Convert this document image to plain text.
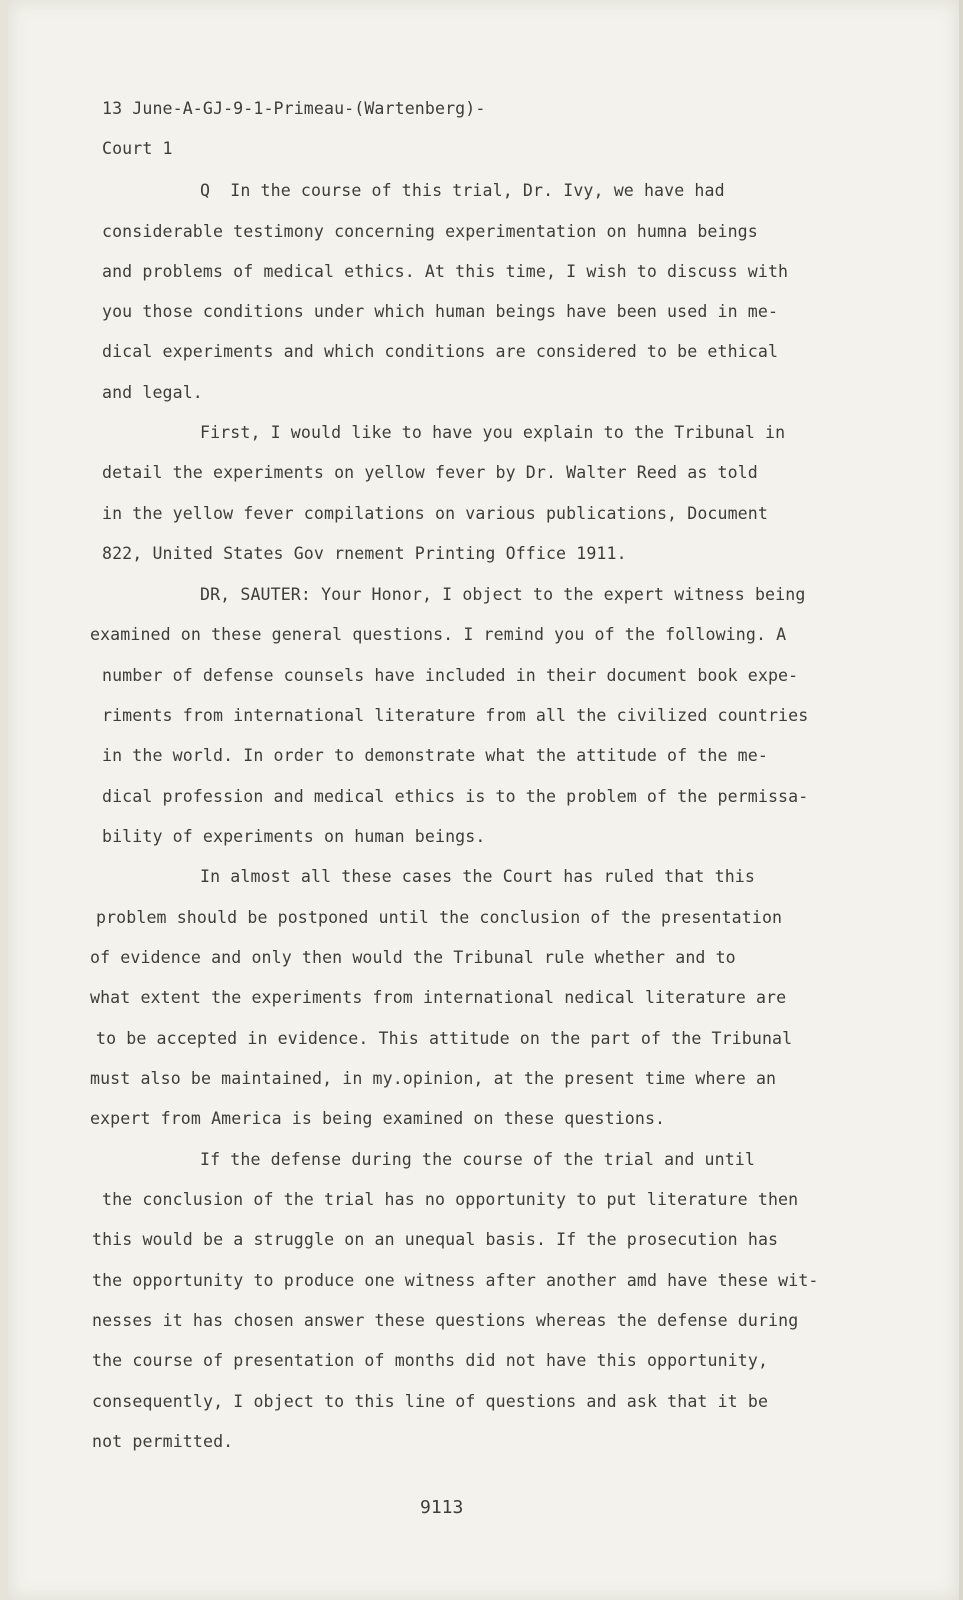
13 June-A-GJ-9-1-Primeau-(Wartenberg)-
Court 1
Q  In the course of this trial, Dr. Ivy, we have had
considerable testimony concerning experimentation on humna beings
and problems of medical ethics. At this time, I wish to discuss with
you those conditions under which human beings have been used in me-
dical experiments and which conditions are considered to be ethical
and legal.
First, I would like to have you explain to the Tribunal in
detail the experiments on yellow fever by Dr. Walter Reed as told
in the yellow fever compilations on various publications, Document
822, United States Gov rnement Printing Office 1911.
DR, SAUTER: Your Honor, I object to the expert witness being
examined on these general questions. I remind you of the following. A
number of defense counsels have included in their document book expe-
riments from international literature from all the civilized countries
in the world. In order to demonstrate what the attitude of the me-
dical profession and medical ethics is to the problem of the permissa-
bility of experiments on human beings.
In almost all these cases the Court has ruled that this
problem should be postponed until the conclusion of the presentation
of evidence and only then would the Tribunal rule whether and to
what extent the experiments from international nedical literature are
to be accepted in evidence. This attitude on the part of the Tribunal
must also be maintained, in my.opinion, at the present time where an
expert from America is being examined on these questions.
If the defense during the course of the trial and until
the conclusion of the trial has no opportunity to put literature then
this would be a struggle on an unequal basis. If the prosecution has
the opportunity to produce one witness after another amd have these wit-
nesses it has chosen answer these questions whereas the defense during
the course of presentation of months did not have this opportunity,
consequently, I object to this line of questions and ask that it be
not permitted.
9113
